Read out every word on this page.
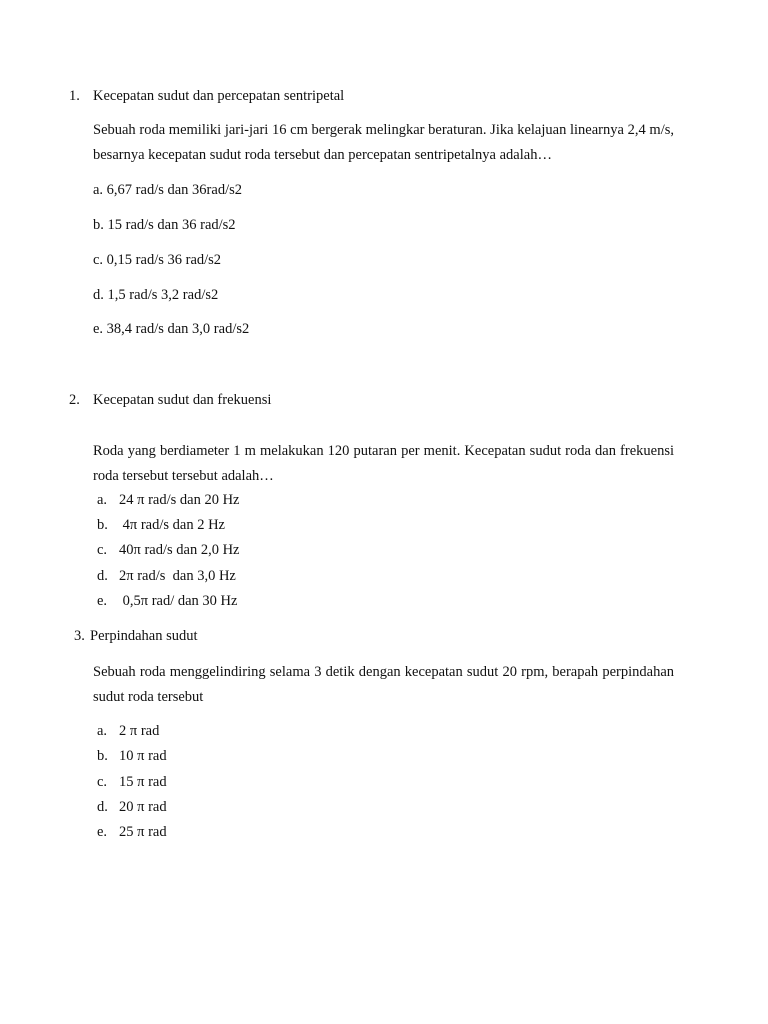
1. Kecepatan sudut dan percepatan sentripetal
Sebuah roda memiliki jari-jari 16 cm bergerak melingkar beraturan. Jika kelajuan linearnya 2,4 m/s, besarnya kecepatan sudut roda tersebut dan percepatan sentripetalnya adalah…
a. 6,67 rad/s dan 36rad/s2
b. 15 rad/s dan 36 rad/s2
c. 0,15 rad/s 36 rad/s2
d. 1,5 rad/s 3,2 rad/s2
e. 38,4 rad/s dan 3,0 rad/s2
2. Kecepatan sudut dan frekuensi
Roda yang berdiameter 1 m melakukan 120 putaran per menit. Kecepatan sudut roda dan frekuensi roda tersebut tersebut adalah…
a. 24 π rad/s dan 20 Hz
b. 4π rad/s dan 2 Hz
c. 40π rad/s dan 2,0 Hz
d. 2π rad/s  dan 3,0 Hz
e. 0,5π rad/ dan 30 Hz
3. Perpindahan sudut
Sebuah roda menggelindiring selama 3 detik dengan kecepatan sudut 20 rpm, berapah perpindahan sudut roda tersebut
a. 2 π rad
b. 10 π rad
c. 15 π rad
d. 20 π rad
e. 25 π rad
